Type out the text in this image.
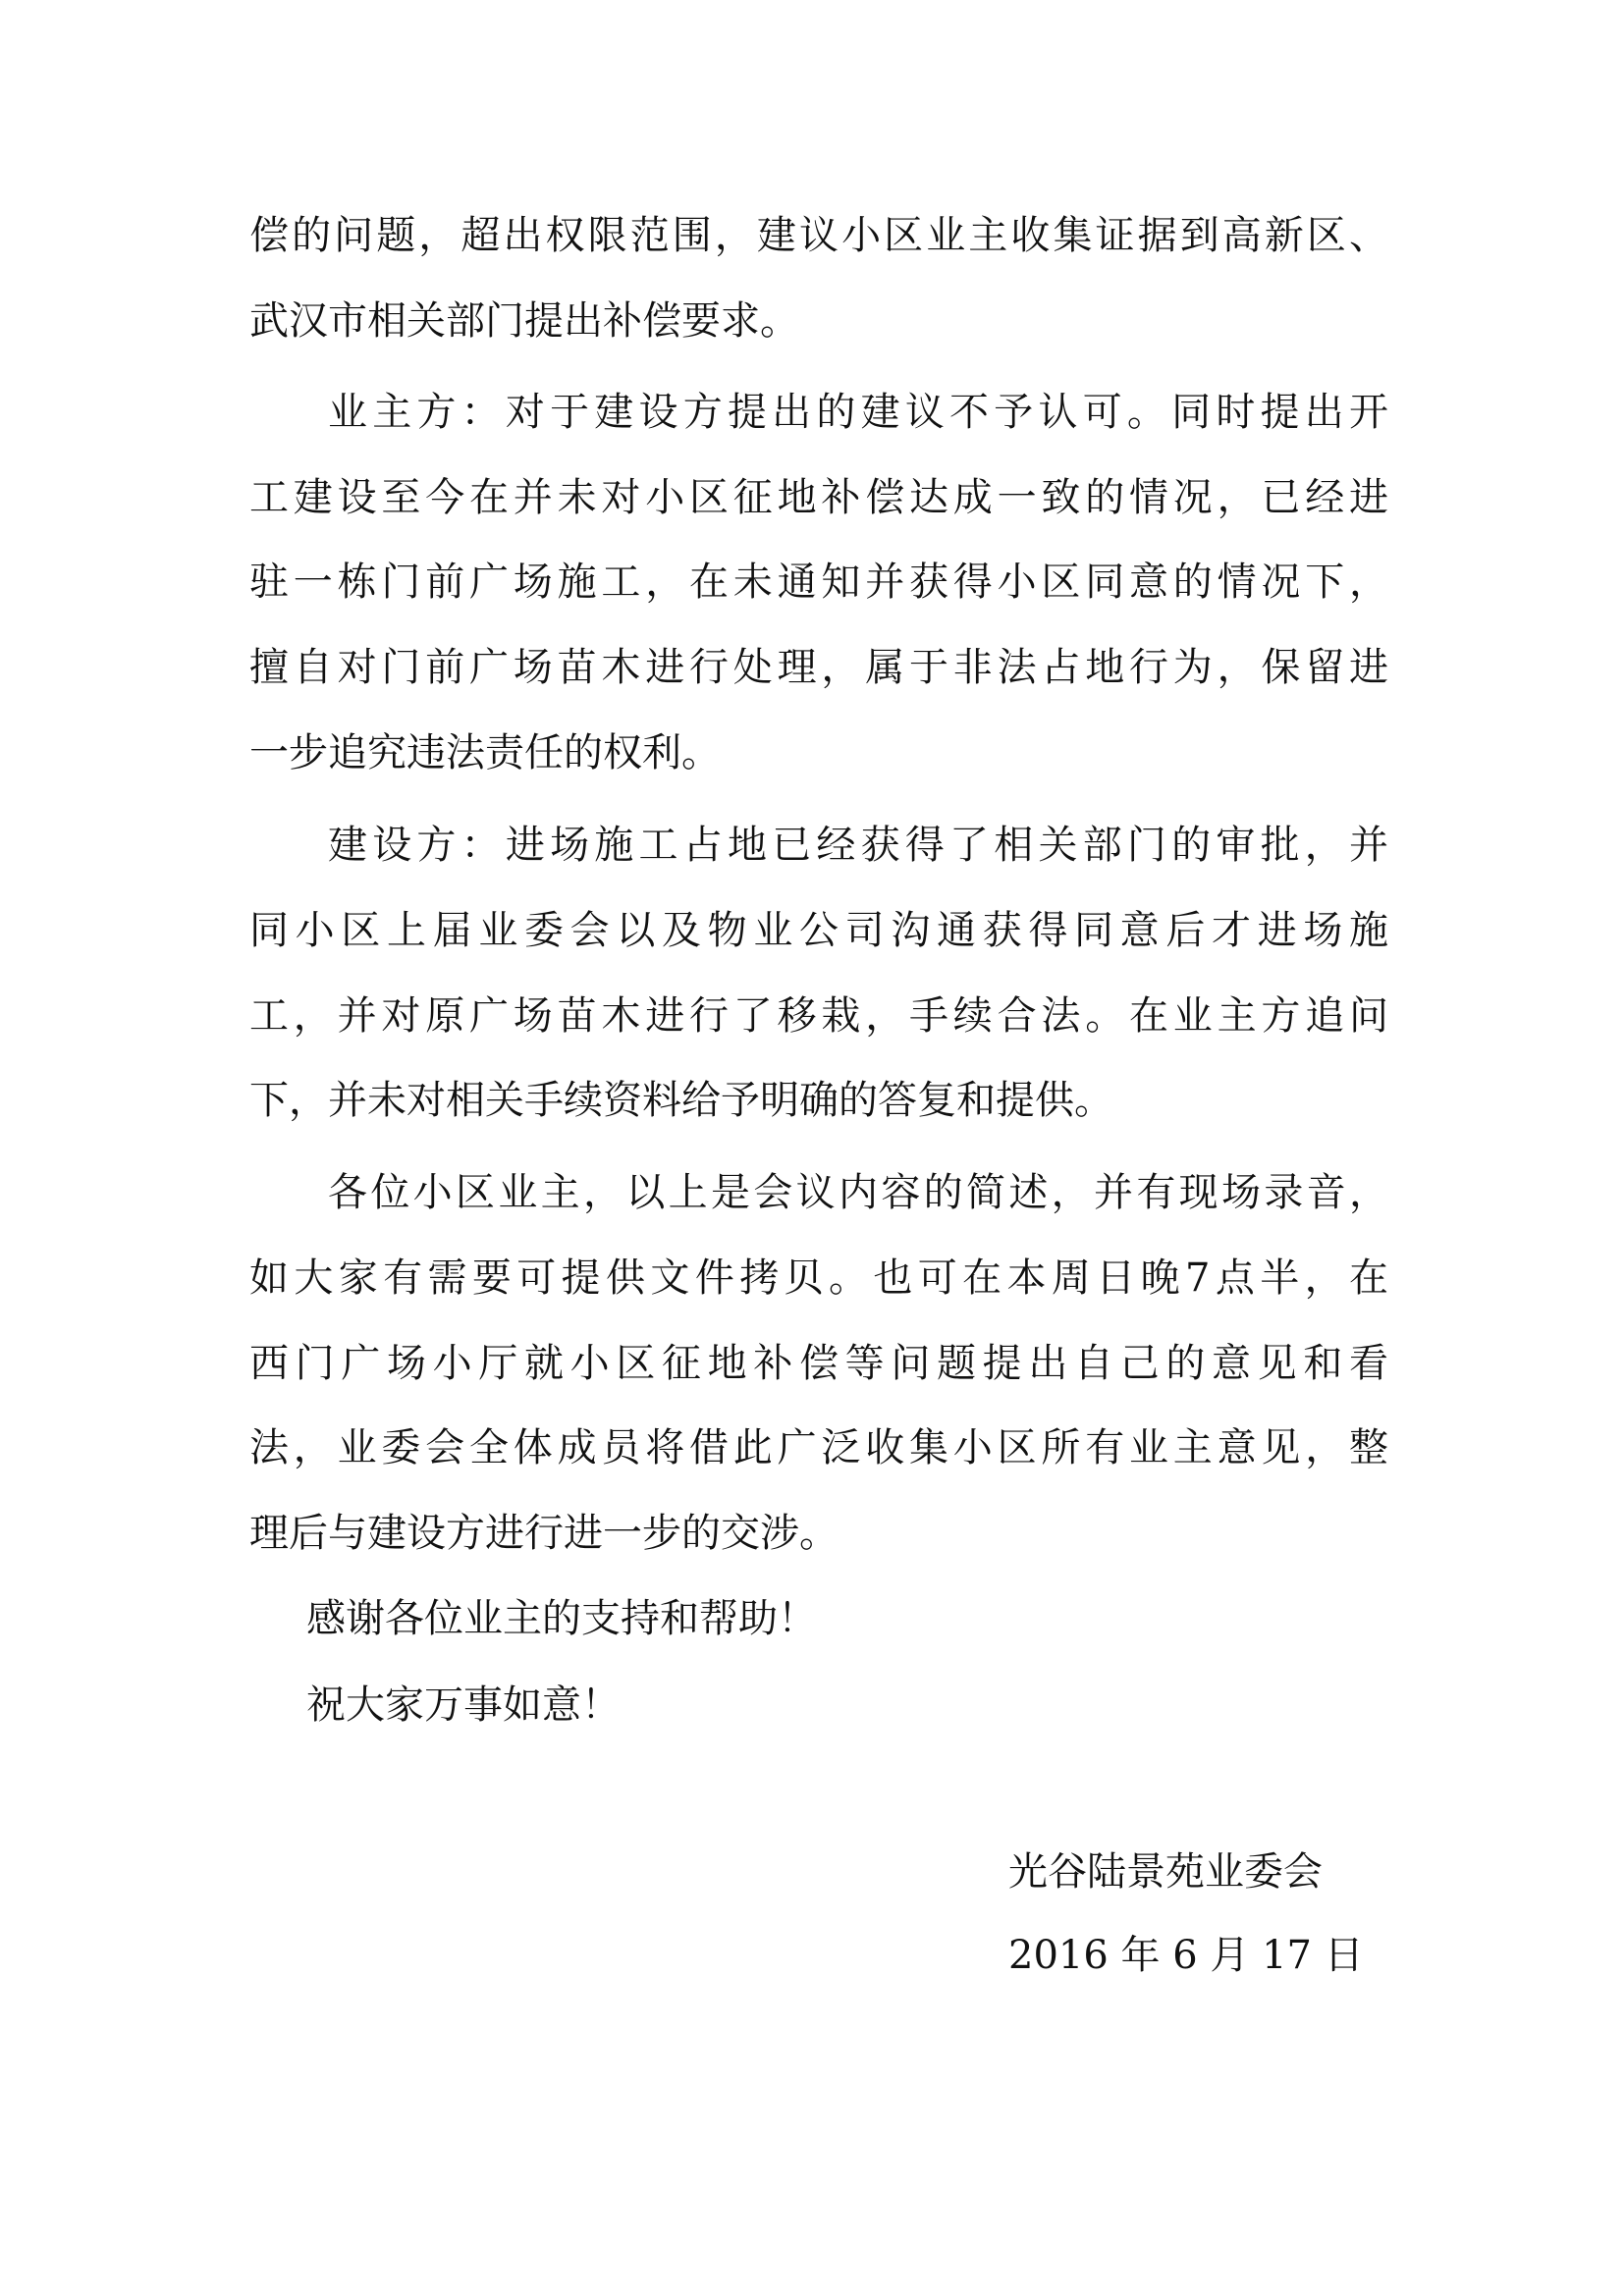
偿的问题，超出权限范围，建议小区业主收集证据到高新区、
武汉市相关部门提出补偿要求。
业主方：对于建设方提出的建议不予认可。同时提出开
工建设至今在并未对小区征地补偿达成一致的情况，已经进
驻一栋门前广场施工，在未通知并获得小区同意的情况下，
擅自对门前广场苗木进行处理，属于非法占地行为，保留进
一步追究违法责任的权利。
建设方：进场施工占地已经获得了相关部门的审批，并
同小区上届业委会以及物业公司沟通获得同意后才进场施
工，并对原广场苗木进行了移栽，手续合法。在业主方追问
下，并未对相关手续资料给予明确的答复和提供。
各位小区业主，以上是会议内容的简述，并有现场录音，
如大家有需要可提供文件拷贝。也可在本周日晚7点半，在
西门广场小厅就小区征地补偿等问题提出自己的意见和看
法，业委会全体成员将借此广泛收集小区所有业主意见，整
理后与建设方进行进一步的交涉。
感谢各位业主的支持和帮助！
祝大家万事如意！
光谷陆景苑业委会
2016 年 6 月 17 日
